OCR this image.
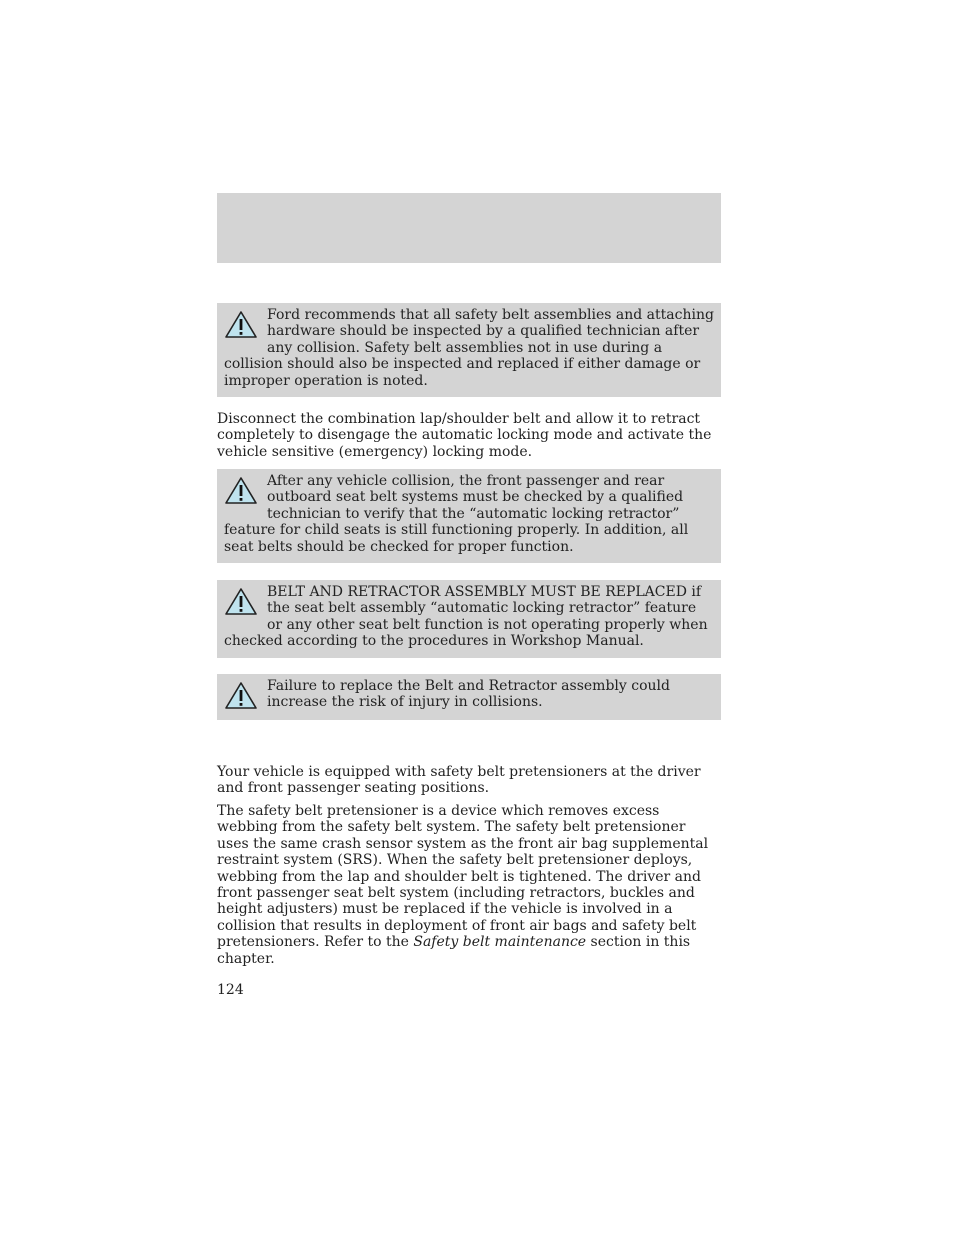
Ford recommends that all safety belt assemblies and attaching hardware should be inspected by a qualified technician after any collision. Safety belt assemblies not in use during a collision should also be inspected and replaced if either damage or improper operation is noted.

Disconnect the combination lap/shoulder belt and allow it to retract completely to disengage the automatic locking mode and activate the vehicle sensitive (emergency) locking mode.

After any vehicle collision, the front passenger and rear outboard seat belt systems must be checked by a qualified technician to verify that the “automatic locking retractor” feature for child seats is still functioning properly. In addition, all seat belts should be checked for proper function.
BELT AND RETRACTOR ASSEMBLY MUST BE REPLACED if the seat belt assembly “automatic locking retractor” feature or any other seat belt function is not operating properly when checked according to the procedures in Workshop Manual.
Failure to replace the Belt and Retractor assembly could increase the risk of injury in collisions.

Your vehicle is equipped with safety belt pretensioners at the driver and front passenger seating positions.

The safety belt pretensioner is a device which removes excess webbing from the safety belt system. The safety belt pretensioner uses the same crash sensor system as the front air bag supplemental restraint system (SRS). When the safety belt pretensioner deploys, webbing from the lap and shoulder belt is tightened. The driver and front passenger seat belt system (including retractors, buckles and height adjusters) must be replaced if the vehicle is involved in a collision that results in deployment of front air bags and safety belt pretensioners. Refer to the Safety belt maintenance section in this chapter.

124
